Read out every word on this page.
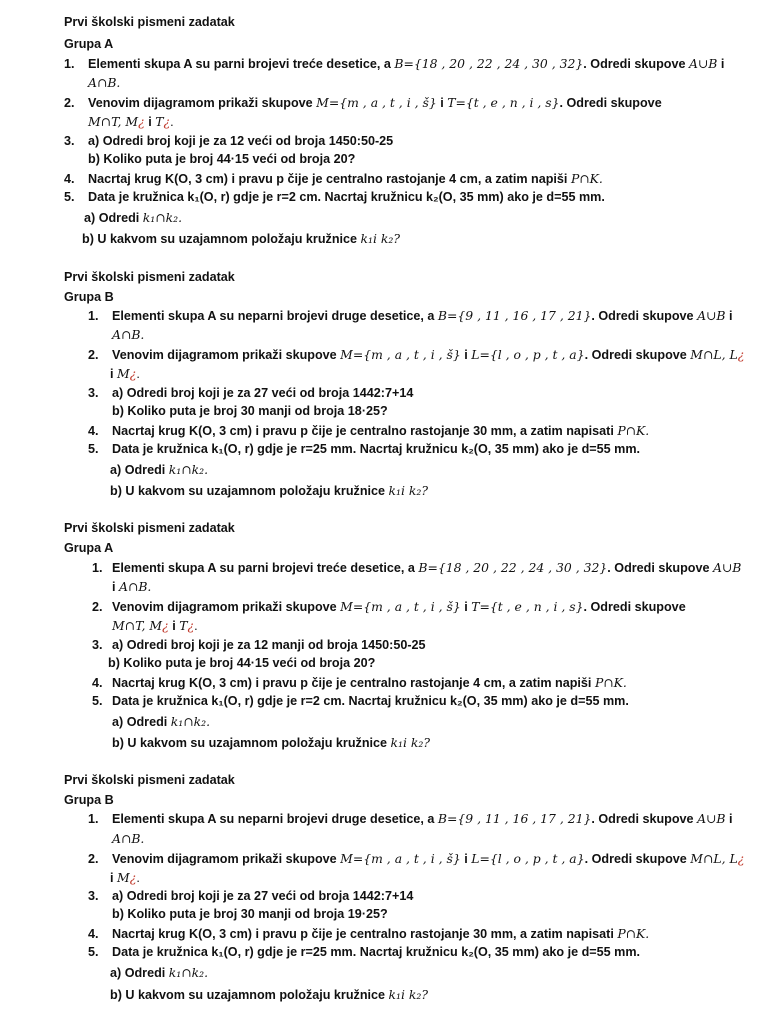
Prvi školski pismeni zadatak
Grupa A
1. Elementi skupa A su parni brojevi treće desetice, a B={18 , 20 , 22 , 24 , 30 , 32}. Odredi skupove A∪B i
A∩B.
2. Venovim dijagramom prikaži skupove M={m , a , t , i , š} i T={t , e , n , i , s}. Odredi skupove
M∩T, M¿ i T¿.
3. a) Odredi broj koji je za 12 veći od broja 1450:50-25
b) Koliko puta je broj 44·15 veći od broja 20?
4. Nacrtaj krug K(O, 3 cm) i pravu p čije je centralno rastojanje 4 cm, a zatim napiši P∩K.
5. Data je kružnica k₁(O, r) gdje je r=2 cm. Nacrtaj kružnicu k₂(O, 35 mm) ako je d=55 mm.
a) Odredi k₁∩k₂.
b) U kakvom su uzajamnom položaju kružnice k₁i k₂?
Prvi školski pismeni zadatak
Grupa B
1. Elementi skupa A su neparni brojevi druge desetice, a B={9 , 11 , 16 , 17 , 21}. Odredi skupove A∪B i
A∩B.
2. Venovim dijagramom prikaži skupove M={m , a , t , i , š} i L={l , o , p , t , a}. Odredi skupove M∩L, L¿
i M¿.
3. a) Odredi broj koji je za 27 veći od broja 1442:7+14
b) Koliko puta je broj 30 manji od broja 18·25?
4. Nacrtaj krug K(O, 3 cm) i pravu p čije je centralno rastojanje 30 mm, a zatim napisati P∩K.
5. Data je kružnica k₁(O, r) gdje je r=25 mm. Nacrtaj kružnicu k₂(O, 35 mm) ako je d=55 mm.
a) Odredi k₁∩k₂.
b) U kakvom su uzajamnom položaju kružnice k₁i k₂?
Prvi školski pismeni zadatak
Grupa A
1. Elementi skupa A su parni brojevi treće desetice, a B={18 , 20 , 22 , 24 , 30 , 32}. Odredi skupove A∪B
i A∩B.
2. Venovim dijagramom prikaži skupove M={m , a , t , i , š} i T={t , e , n , i , s}. Odredi skupove
M∩T, M¿ i T¿.
3. a) Odredi broj koji je za 12 manji od broja 1450:50-25
b) Koliko puta je broj 44·15 veći od broja 20?
4. Nacrtaj krug K(O, 3 cm) i pravu p čije je centralno rastojanje 4 cm, a zatim napiši P∩K.
5. Data je kružnica k₁(O, r) gdje je r=2 cm. Nacrtaj kružnicu k₂(O, 35 mm) ako je d=55 mm.
a) Odredi k₁∩k₂.
b) U kakvom su uzajamnom položaju kružnice k₁i k₂?
Prvi školski pismeni zadatak
Grupa B
1. Elementi skupa A su neparni brojevi druge desetice, a B={9 , 11 , 16 , 17 , 21}. Odredi skupove A∪B i
A∩B.
2. Venovim dijagramom prikaži skupove M={m , a , t , i , š} i L={l , o , p , t , a}. Odredi skupove M∩L, L¿
i M¿.
3. a) Odredi broj koji je za 27 veći od broja 1442:7+14
b) Koliko puta je broj 30 manji od broja 19·25?
4. Nacrtaj krug K(O, 3 cm) i pravu p čije je centralno rastojanje 30 mm, a zatim napisati P∩K.
5. Data je kružnica k₁(O, r) gdje je r=25 mm. Nacrtaj kružnicu k₂(O, 35 mm) ako je d=55 mm.
a) Odredi k₁∩k₂.
b) U kakvom su uzajamnom položaju kružnice k₁i k₂?
